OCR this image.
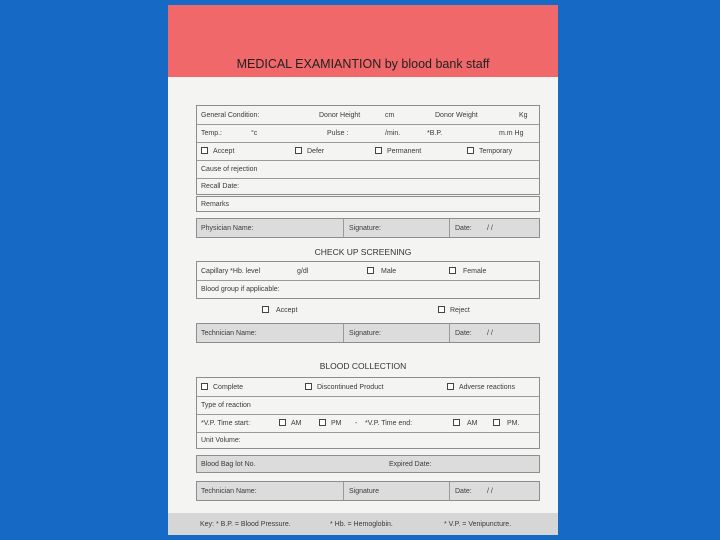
MEDICAL EXAMIANTION by blood bank staff
General Condition:	Donor Height	cm	Donor Weight	Kg
Temp.:	°c	Pulse :	/min.	*B.P.	m.m Hg
Accept	Defer	Permanent	Temporary
Cause of rejection
Recall Date:
Remarks
Physician Name:	Signature:	Date: / /
CHECK UP SCREENING
Capillary *Hb. level	g/dl	Male	Female
Blood group if applicable:
Accept	Reject
Technician Name:	Signature:	Date: / /
BLOOD COLLECTION
Complete	Discontinued Product	Adverse reactions
Type of reaction
*V.P. Time start:	AM	PM - *V.P. Time end:	AM	PM.
Unit Volume:
Blood Bag lot No.	Expired Date:
Technician Name:	Signature	Date: / /
Key: * B.P. = Blood Pressure.	* Hb. = Hemoglobin.	* V.P. = Venipuncture.
